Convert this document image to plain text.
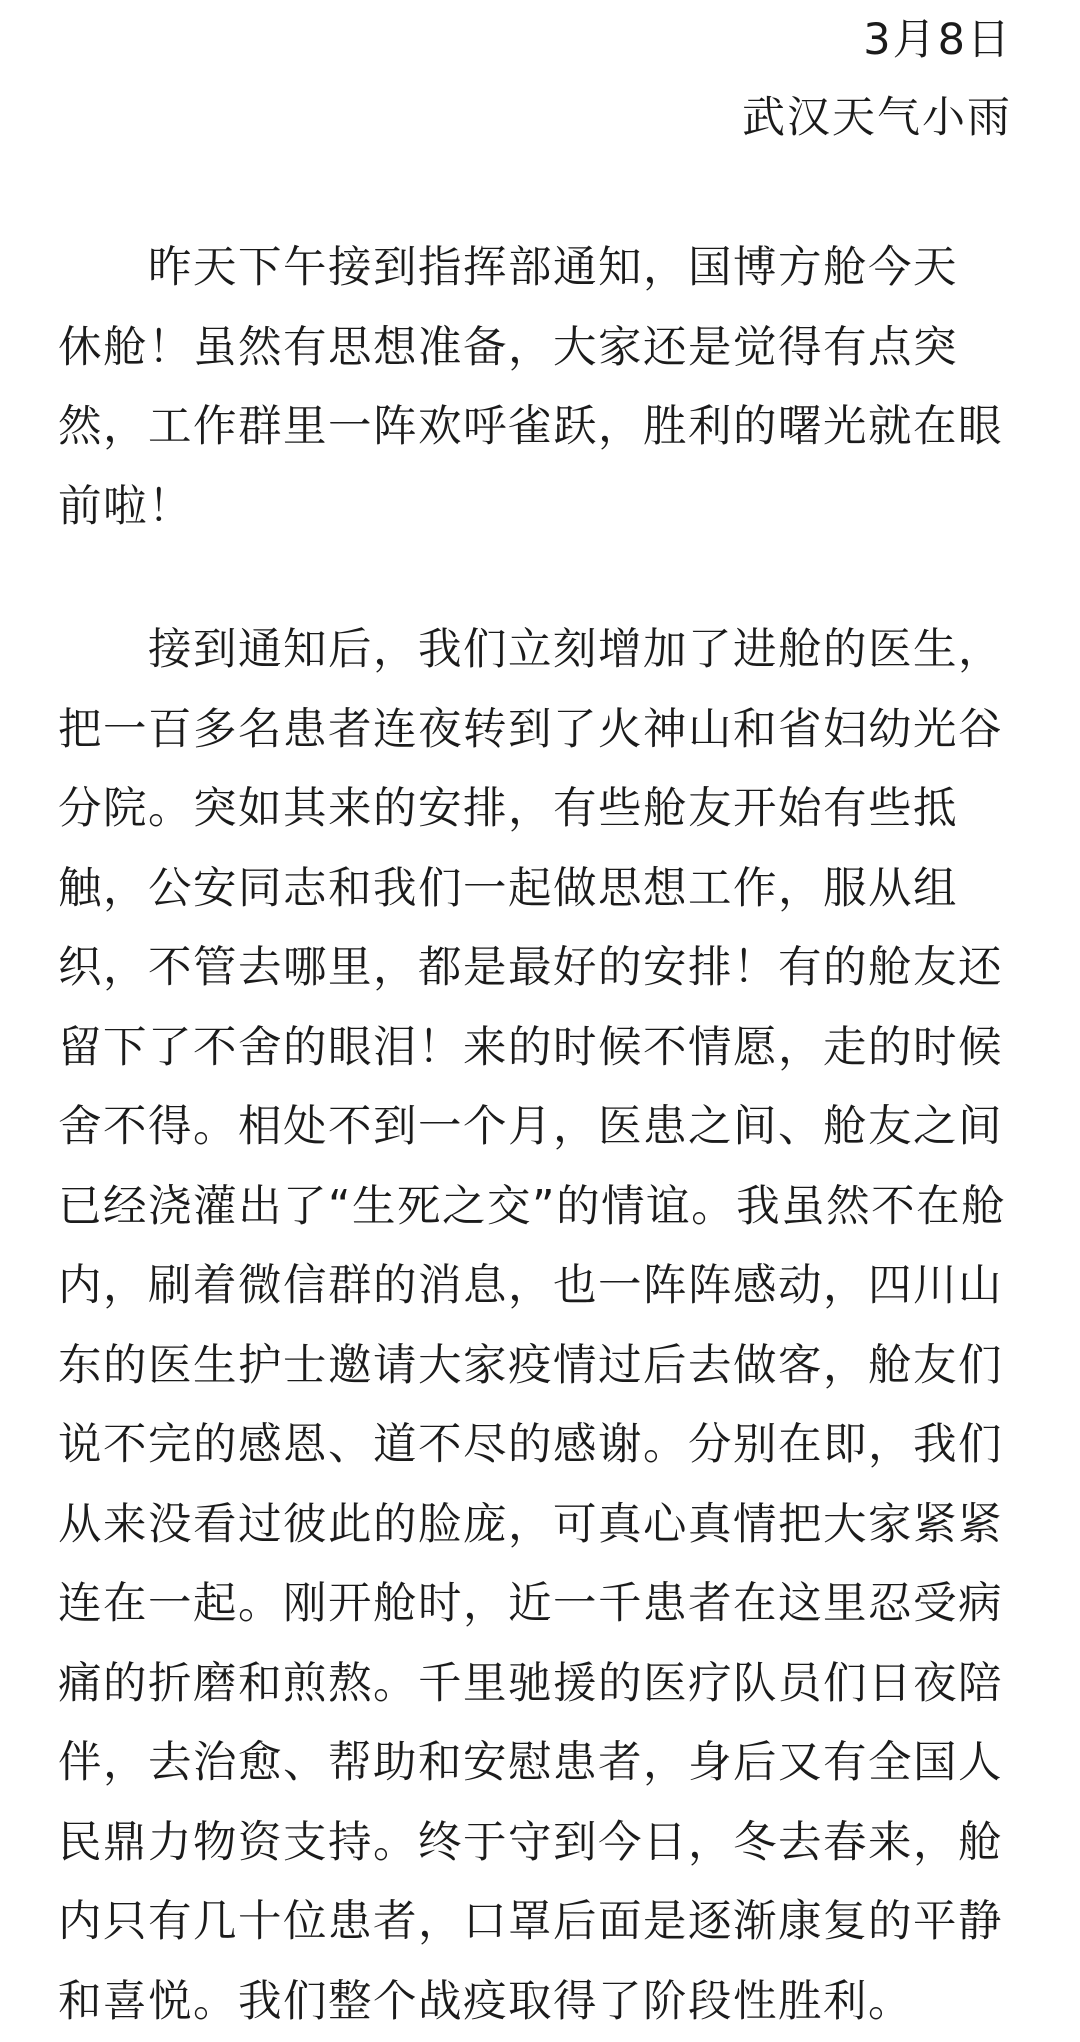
3月8日
武汉天气小雨
昨天下午接到指挥部通知，国博方舱今天
休舱！虽然有思想准备，大家还是觉得有点突
然，工作群里一阵欢呼雀跃，胜利的曙光就在眼
前啦！
接到通知后，我们立刻增加了进舱的医生，
把一百多名患者连夜转到了火神山和省妇幼光谷
分院。突如其来的安排，有些舱友开始有些抵
触，公安同志和我们一起做思想工作，服从组
织，不管去哪里，都是最好的安排！有的舱友还
留下了不舍的眼泪！来的时候不情愿，走的时候
舍不得。相处不到一个月，医患之间、舱友之间
已经浇灌出了“生死之交”的情谊。我虽然不在舱
内，刷着微信群的消息，也一阵阵感动，四川山
东的医生护士邀请大家疫情过后去做客，舱友们
说不完的感恩、道不尽的感谢。分别在即，我们
从来没看过彼此的脸庞，可真心真情把大家紧紧
连在一起。刚开舱时，近一千患者在这里忍受病
痛的折磨和煎熬。千里驰援的医疗队员们日夜陪
伴，去治愈、帮助和安慰患者，身后又有全国人
民鼎力物资支持。终于守到今日，冬去春来，舱
内只有几十位患者，口罩后面是逐渐康复的平静
和喜悦。我们整个战疫取得了阶段性胜利。
